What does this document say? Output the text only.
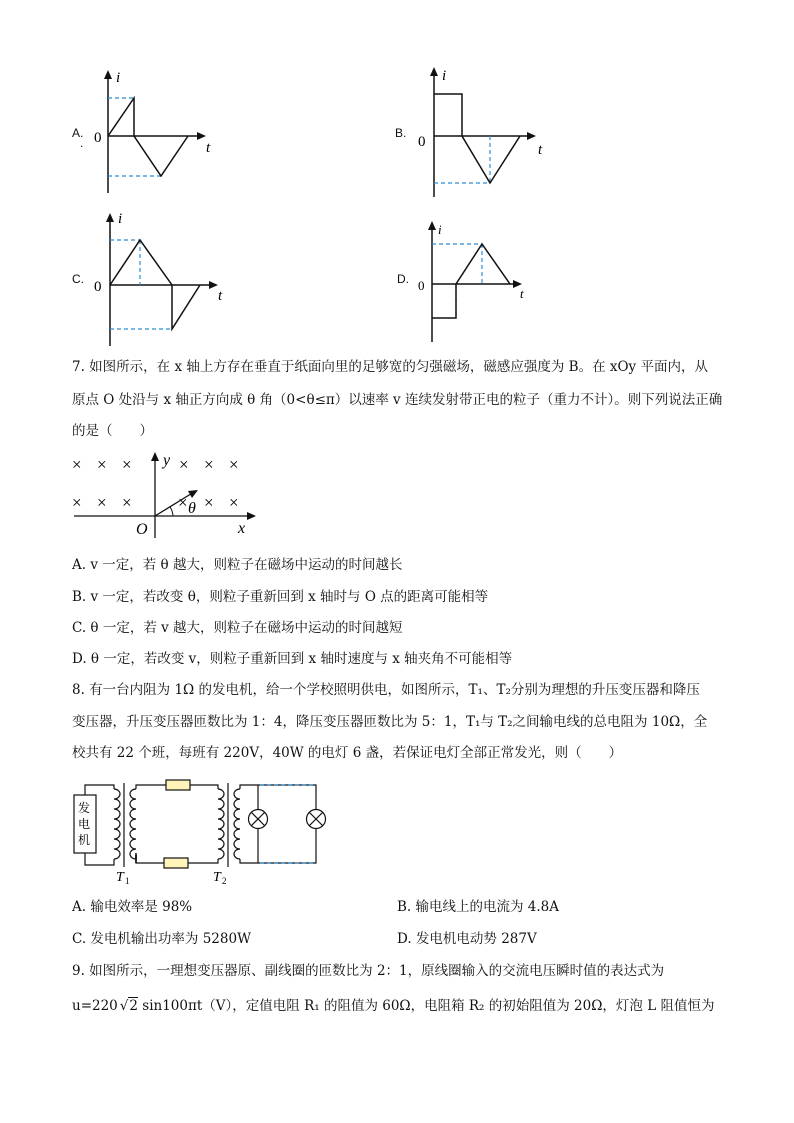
A.
.
i
0
t
B.
i
0	t
C.
i
0
t
D.
i
0
t
7. 如图所示，在 x 轴上方存在垂直于纸面向里的足够宽的匀强磁场，磁感应强度为 B。在 xOy 平面内，从
原点 O 处沿与 x 轴正方向成 θ 角（0<θ≤π）以速率 v 连续发射带正电的粒子（重力不计）。则下列说法正确
的是（　　）
× × ×	× × ×
× × ×	× × ×
y
x
O
θ
A. v 一定，若 θ 越大，则粒子在磁场中运动的时间越长
B. v 一定，若改变 θ，则粒子重新回到 x 轴时与 O 点的距离可能相等
C. θ 一定，若 v 越大，则粒子在磁场中运动的时间越短
D. θ 一定，若改变 v，则粒子重新回到 x 轴时速度与 x 轴夹角不可能相等
8. 有一台内阻为 1Ω 的发电机，给一个学校照明供电，如图所示，T₁、T₂分别为理想的升压变压器和降压
变压器，升压变压器匝数比为 1：4，降压变压器匝数比为 5：1，T₁与 T₂之间输电线的总电阻为 10Ω，全
校共有 22 个班，每班有 220V，40W 的电灯 6 盏，若保证电灯全部正常发光，则（　　）
发
电
机
T 1	T 2
A. 输电效率是 98%	B. 输电线上的电流为 4.8A
C. 发电机输出功率为 5280W	D. 发电机电动势 287V
9. 如图所示，一理想变压器原、副线圈的匝数比为 2：1，原线圈输入的交流电压瞬时值的表达式为
u=220 √2 sin100πt（V），定值电阻 R₁ 的阻值为 60Ω，电阻箱 R₂ 的初始阻值为 20Ω，灯泡 L 阻值恒为
